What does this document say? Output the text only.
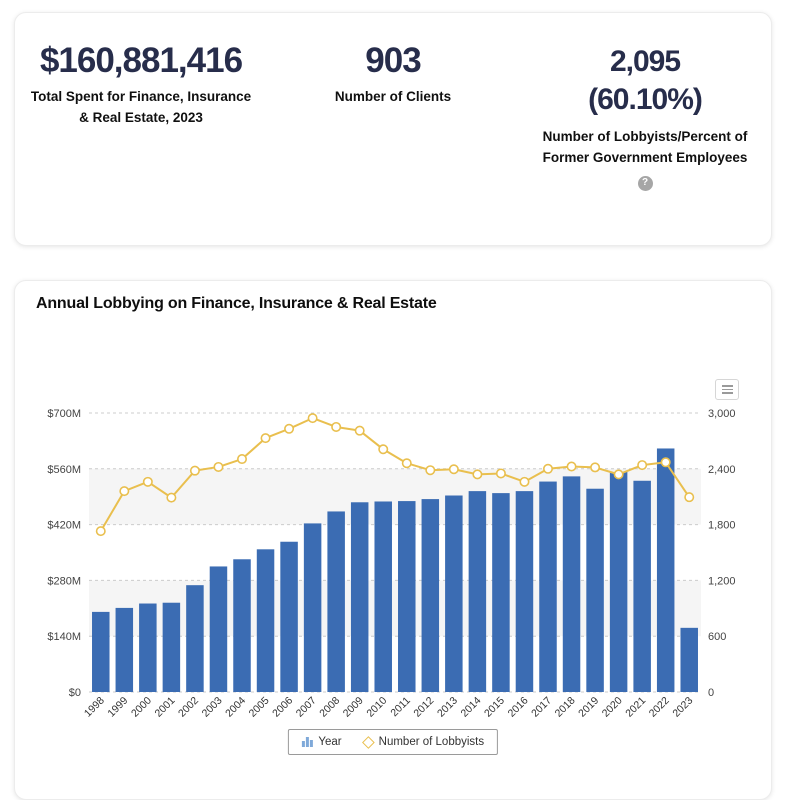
$160,881,416
Total Spent for Finance, Insurance
& Real Estate, 2023
903
Number of Clients
2,095
(60.10%)
Number of Lobbyists/Percent of
Former Government Employees
?
Annual Lobbying on Finance, Insurance & Real Estate
$0
$140M
$280M
$420M
$560M
$700M
0
600
1,200
1,800
2,400
3,000
1998
1999
2000
2001
2002
2003
2004
2005
2006
2007
2008
2009
2010 2011
2012
2013
2014
2015
2016
2017
2018
2019
2020
2021
2022
2023
Year	Number of Lobbyists
